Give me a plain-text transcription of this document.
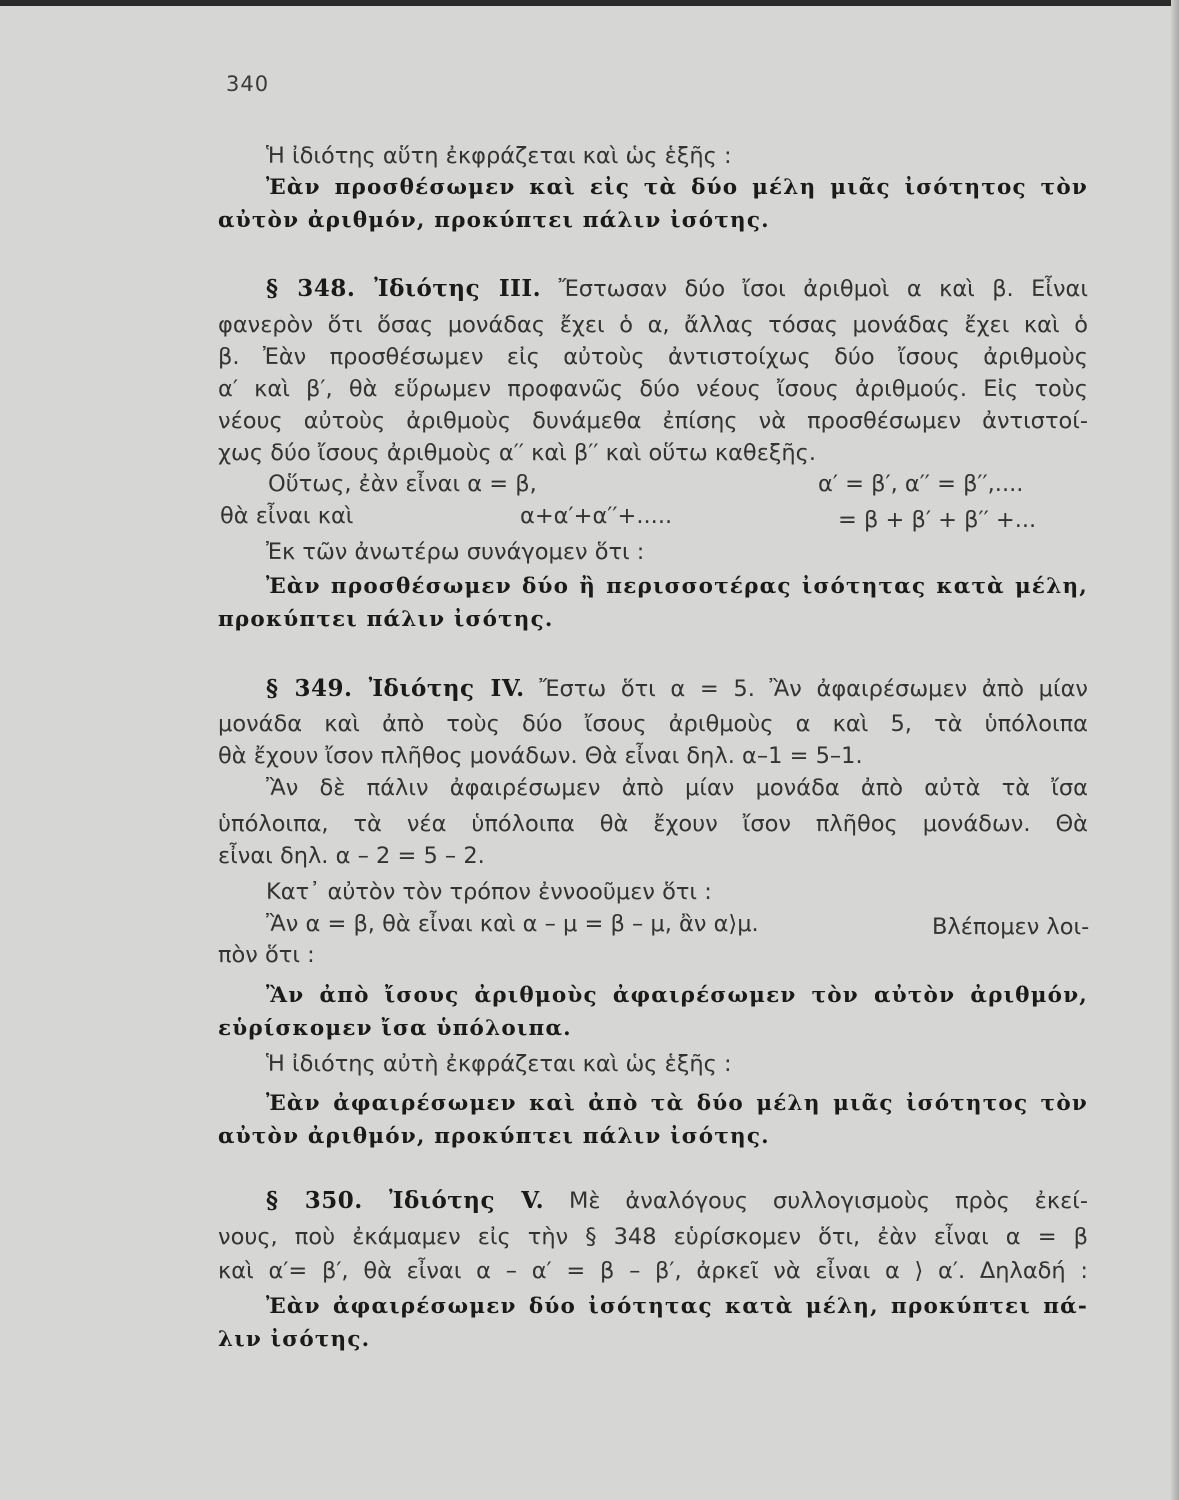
340
Ἡ ἰδιότης αὕτη ἐκφράζεται καὶ ὡς ἑξῆς :
Ἐὰν προσθέσωμεν καὶ εἰς τὰ δύο μέλη μιᾶς ἰσότητος τὸν
αὐτὸν ἀριθμόν, προκύπτει πάλιν ἰσότης.
§ 348. Ἰδιότης ΙΙΙ. Ἔστωσαν δύο ἴσοι ἀριθμοὶ α καὶ β. Εἶναι
φανερὸν ὅτι ὅσας μονάδας ἔχει ὁ α, ἄλλας τόσας μονάδας ἔχει καὶ ὁ
β. Ἐὰν προσθέσωμεν εἰς αὐτοὺς ἀντιστοίχως δύο ἴσους ἀριθμοὺς
α′ καὶ β′, θὰ εὕρωμεν προφανῶς δύο νέους ἴσους ἀριθμούς. Εἰς τοὺς
νέους αὐτοὺς ἀριθμοὺς δυνάμεθα ἐπίσης νὰ προσθέσωμεν ἀντιστοί-
χως δύο ἴσους ἀριθμοὺς α′′ καὶ β′′ καὶ οὕτω καθεξῆς.
Οὕτως, ἐὰν εἶναι α = β,	α′ = β′, α′′ = β′′,....
θὰ εἶναι καὶ	α+α′+α′′+.....	= β + β′ + β′′ +...
Ἐκ τῶν ἀνωτέρω συνάγομεν ὅτι :
Ἐὰν προσθέσωμεν δύο ἢ περισσοτέρας ἰσότητας κατὰ μέλη,
προκύπτει πάλιν ἰσότης.
§ 349. Ἰδιότης IV. Ἔστω ὅτι α = 5. Ἂν ἀφαιρέσωμεν ἀπὸ μίαν
μονάδα καὶ ἀπὸ τοὺς δύο ἴσους ἀριθμοὺς α καὶ 5, τὰ ὑπόλοιπα
θὰ ἔχουν ἴσον πλῆθος μονάδων. Θὰ εἶναι δηλ. α–1 = 5–1.
Ἂν δὲ πάλιν ἀφαιρέσωμεν ἀπὸ μίαν μονάδα ἀπὸ αὐτὰ τὰ ἴσα
ὑπόλοιπα, τὰ νέα ὑπόλοιπα θὰ ἔχουν ἴσον πλῆθος μονάδων. Θὰ
εἶναι δηλ. α – 2 = 5 – 2.
Κατ᾿ αὐτὸν τὸν τρόπον ἐννοοῦμεν ὅτι :
Ἂν α = β, θὰ εἶναι καὶ α – μ = β – μ, ἂν α⟩μ.	Βλέπομεν λοι-
πὸν ὅτι :
Ἂν ἀπὸ ἴσους ἀριθμοὺς ἀφαιρέσωμεν τὸν αὐτὸν ἀριθμόν,
εὑρίσκομεν ἴσα ὑπόλοιπα.
Ἡ ἰδιότης αὐτὴ ἐκφράζεται καὶ ὡς ἑξῆς :
Ἐὰν ἀφαιρέσωμεν καὶ ἀπὸ τὰ δύο μέλη μιᾶς ἰσότητος τὸν
αὐτὸν ἀριθμόν, προκύπτει πάλιν ἰσότης.
§ 350. Ἰδιότης V. Μὲ ἀναλόγους συλλογισμοὺς πρὸς ἐκεί-
νους, ποὺ ἐκάμαμεν εἰς τὴν § 348 εὑρίσκομεν ὅτι, ἐὰν εἶναι α = β
καὶ α′= β′, θὰ εἶναι α – α′ = β – β′, ἀρκεῖ νὰ εἶναι α ⟩ α′. Δηλαδή :
Ἐὰν ἀφαιρέσωμεν δύο ἰσότητας κατὰ μέλη, προκύπτει πά-
λιν ἰσότης.
